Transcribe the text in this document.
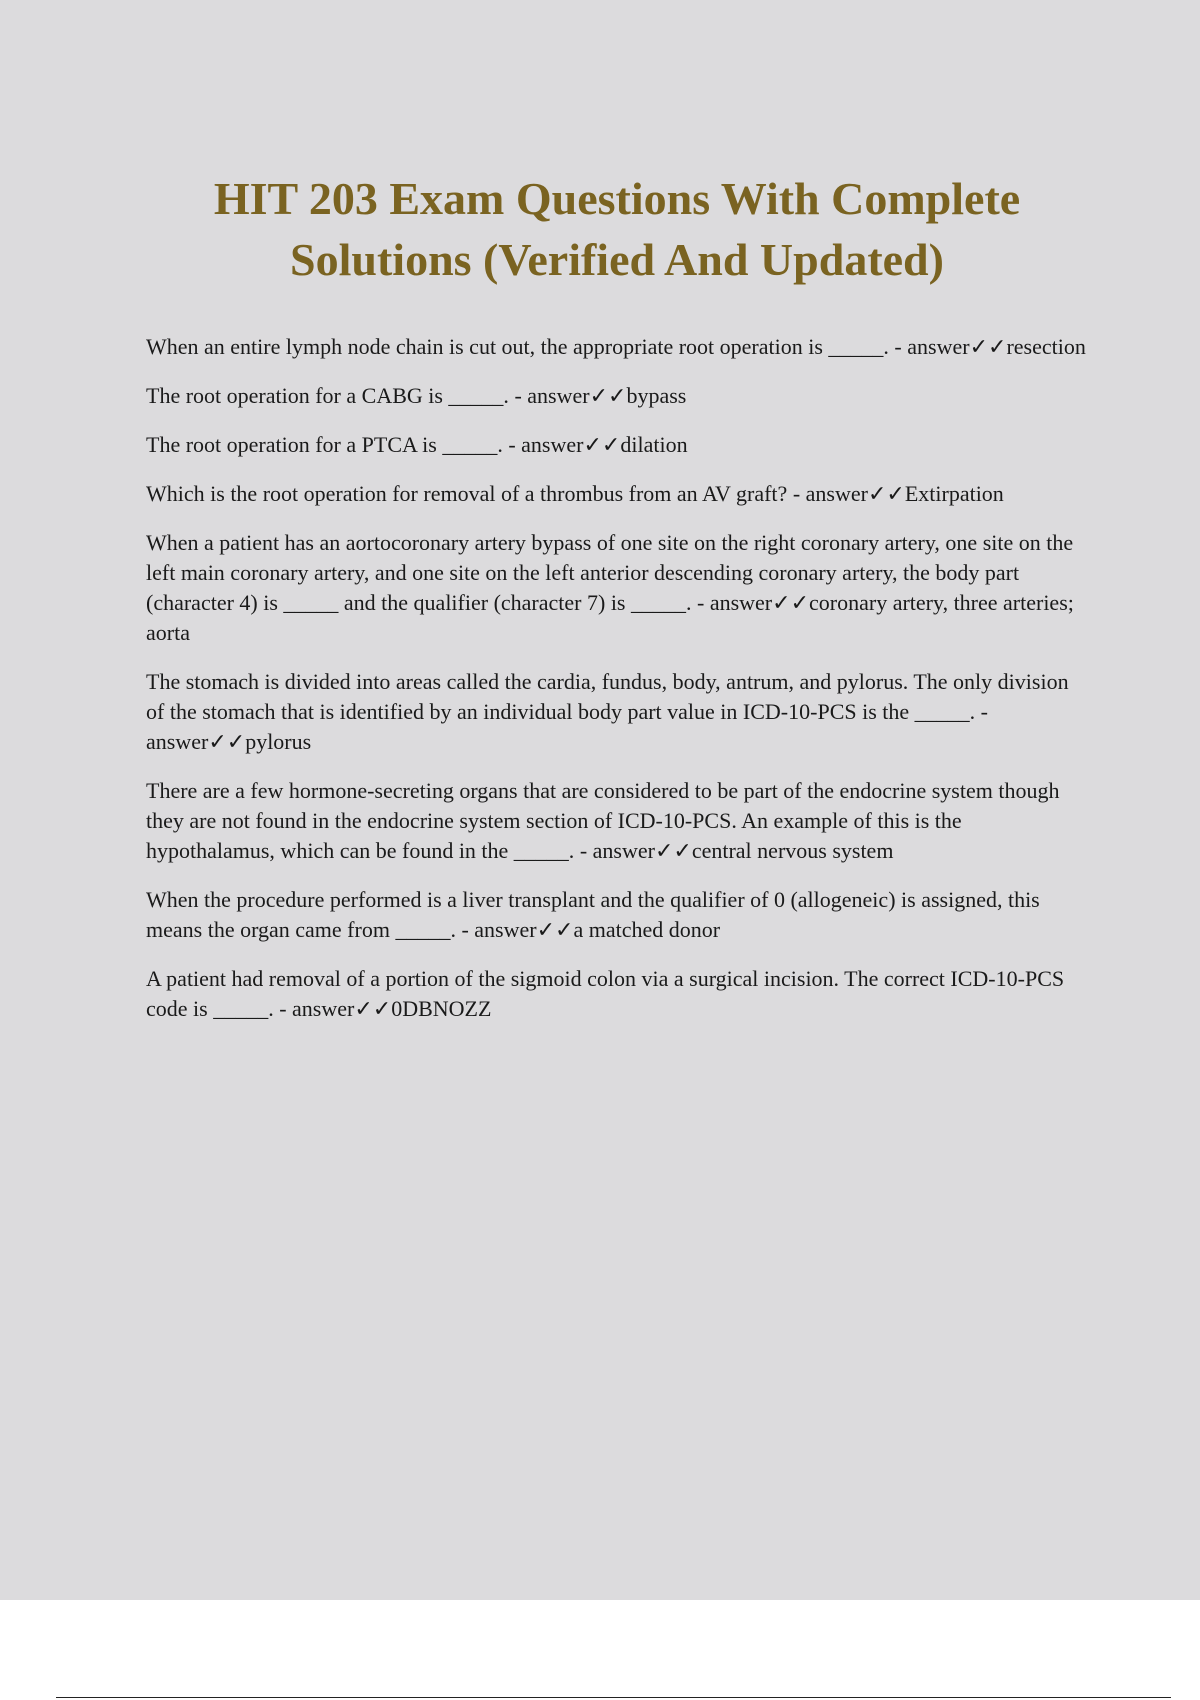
HIT 203 Exam Questions With Complete
Solutions (Verified And Updated)

When an entire lymph node chain is cut out, the appropriate root operation is _____. - answer✓✓resection

The root operation for a CABG is _____. - answer✓✓bypass

The root operation for a PTCA is _____. - answer✓✓dilation

Which is the root operation for removal of a thrombus from an AV graft? - answer✓✓Extirpation

When a patient has an aortocoronary artery bypass of one site on the right coronary artery, one site on the left main coronary artery, and one site on the left anterior descending coronary artery, the body part (character 4) is _____ and the qualifier (character 7) is _____. - answer✓✓coronary artery, three arteries; aorta

The stomach is divided into areas called the cardia, fundus, body, antrum, and pylorus. The only division of the stomach that is identified by an individual body part value in ICD-10-PCS is the _____. - answer✓✓pylorus

There are a few hormone-secreting organs that are considered to be part of the endocrine system though they are not found in the endocrine system section of ICD-10-PCS. An example of this is the hypothalamus, which can be found in the _____. - answer✓✓central nervous system

When the procedure performed is a liver transplant and the qualifier of 0 (allogeneic) is assigned, this means the organ came from _____. - answer✓✓a matched donor

A patient had removal of a portion of the sigmoid colon via a surgical incision. The correct ICD-10-PCS code is _____. - answer✓✓0DBNOZZ
